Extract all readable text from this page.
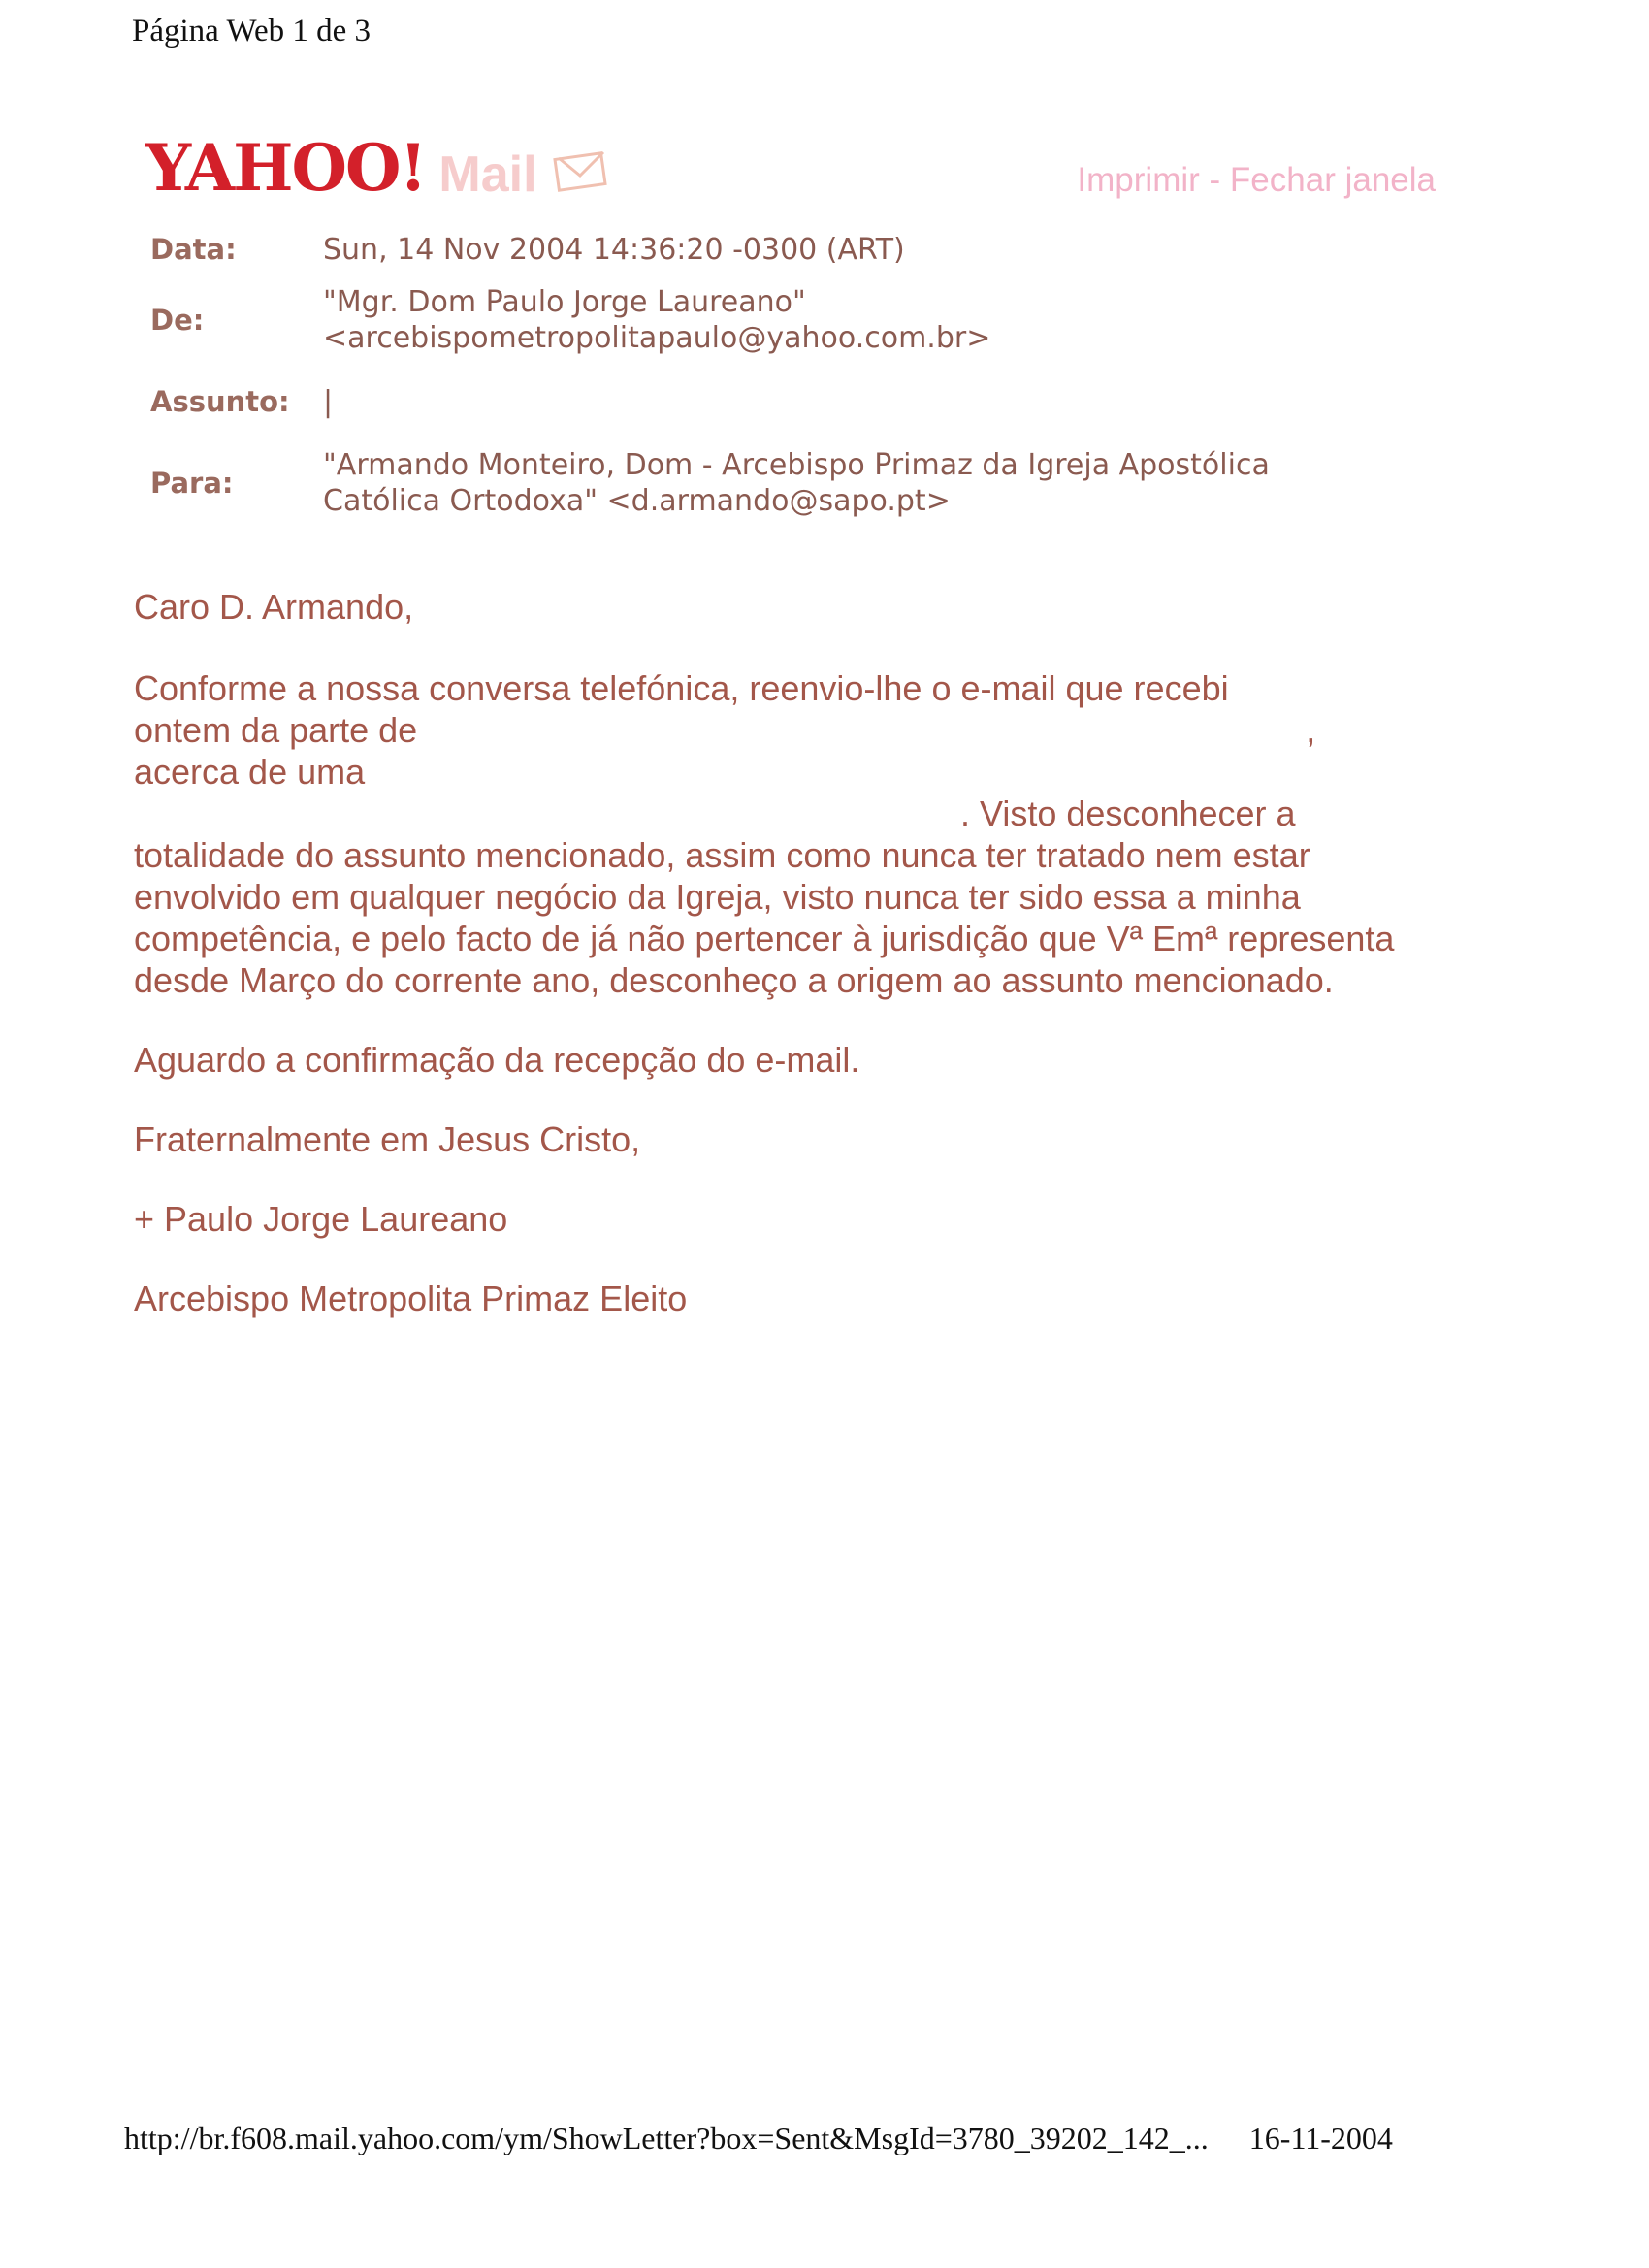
Página Web 1 de 3
YAHOO! Mail	Imprimir - Fechar janela
Data:	Sun, 14 Nov 2004 14:36:20 -0300 (ART)
De:	"Mgr. Dom Paulo Jorge Laureano"
<arcebispometropolitapaulo@yahoo.com.br>

Assunto:	|
Para:	"Armando Monteiro, Dom - Arcebispo Primaz da Igreja Apostólica
Católica Ortodoxa" <d.armando@sapo.pt>

Caro D. Armando,

Conforme a nossa conversa telefónica, reenvio-lhe o e-mail que recebi
ontem da parte de	,
acerca de uma
. Visto desconhecer a totalidade do assunto mencionado, assim como nunca ter tratado nem estar envolvido em qualquer negócio da Igreja, visto nunca ter sido essa a minha competência, e pelo facto de já não pertencer à jurisdição que Vª Emª representa desde Março do corrente ano, desconheço a origem ao assunto mencionado.

Aguardo a confirmação da recepção do e-mail.

Fraternalmente em Jesus Cristo,

+ Paulo Jorge Laureano

Arcebispo Metropolita Primaz Eleito

http://br.f608.mail.yahoo.com/ym/ShowLetter?box=Sent&MsgId=3780_39202_142_... 16-11-2004
